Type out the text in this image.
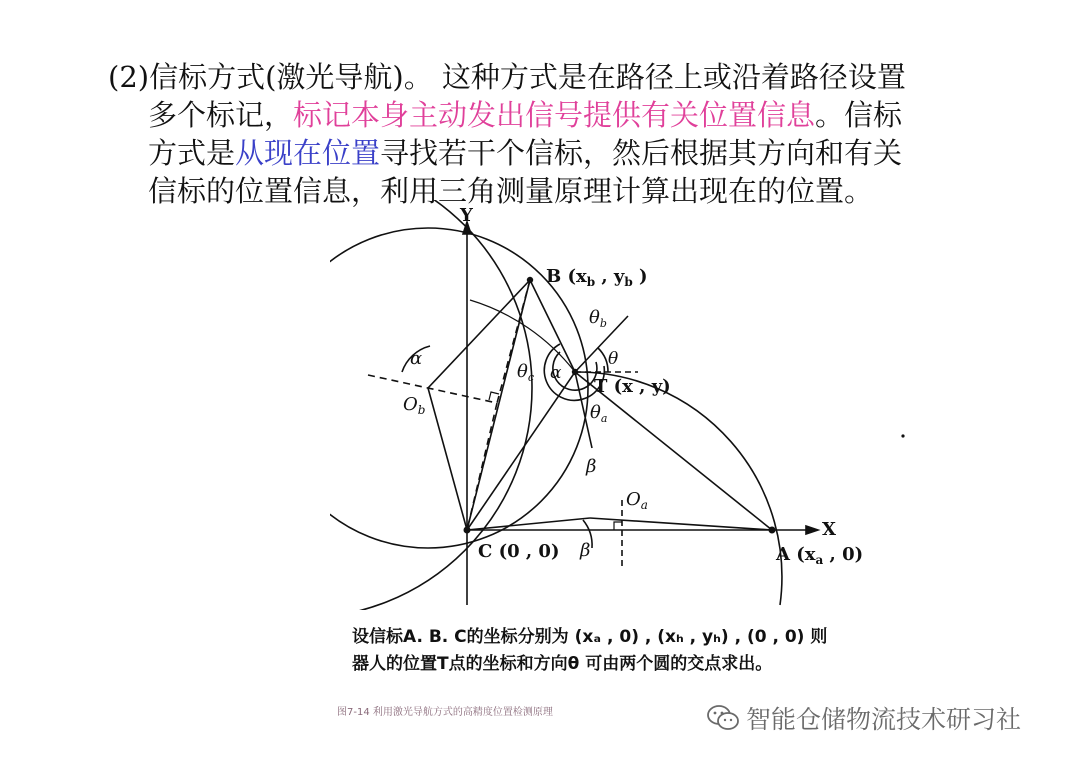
(2)信标方式(激光导航)。 这种方式是在路径上或沿着路径设置
多个标记，标记本身主动发出信号提供有关位置信息。信标
方式是从现在位置寻找若干个信标，然后根据其方向和有关
信标的位置信息，利用三角测量原理计算出现在的位置。
Y
X
B ($x_b$ , $y_b$ )
T (x , y)
C (0 , 0)	A ($x_a$ , 0)
$O_b$
$O_a$
α
α
β
β
θ
$\theta_b$
$\theta_c$
$\theta_a$
设信标A. B. C的坐标分别为 (xₐ , 0) , (xₕ , yₕ) , (0 , 0) 则
器人的位置T点的坐标和方向θ 可由两个圆的交点求出。
图7-14 利用激光导航方式的高精度位置检测原理	智能仓储物流技术研习社
